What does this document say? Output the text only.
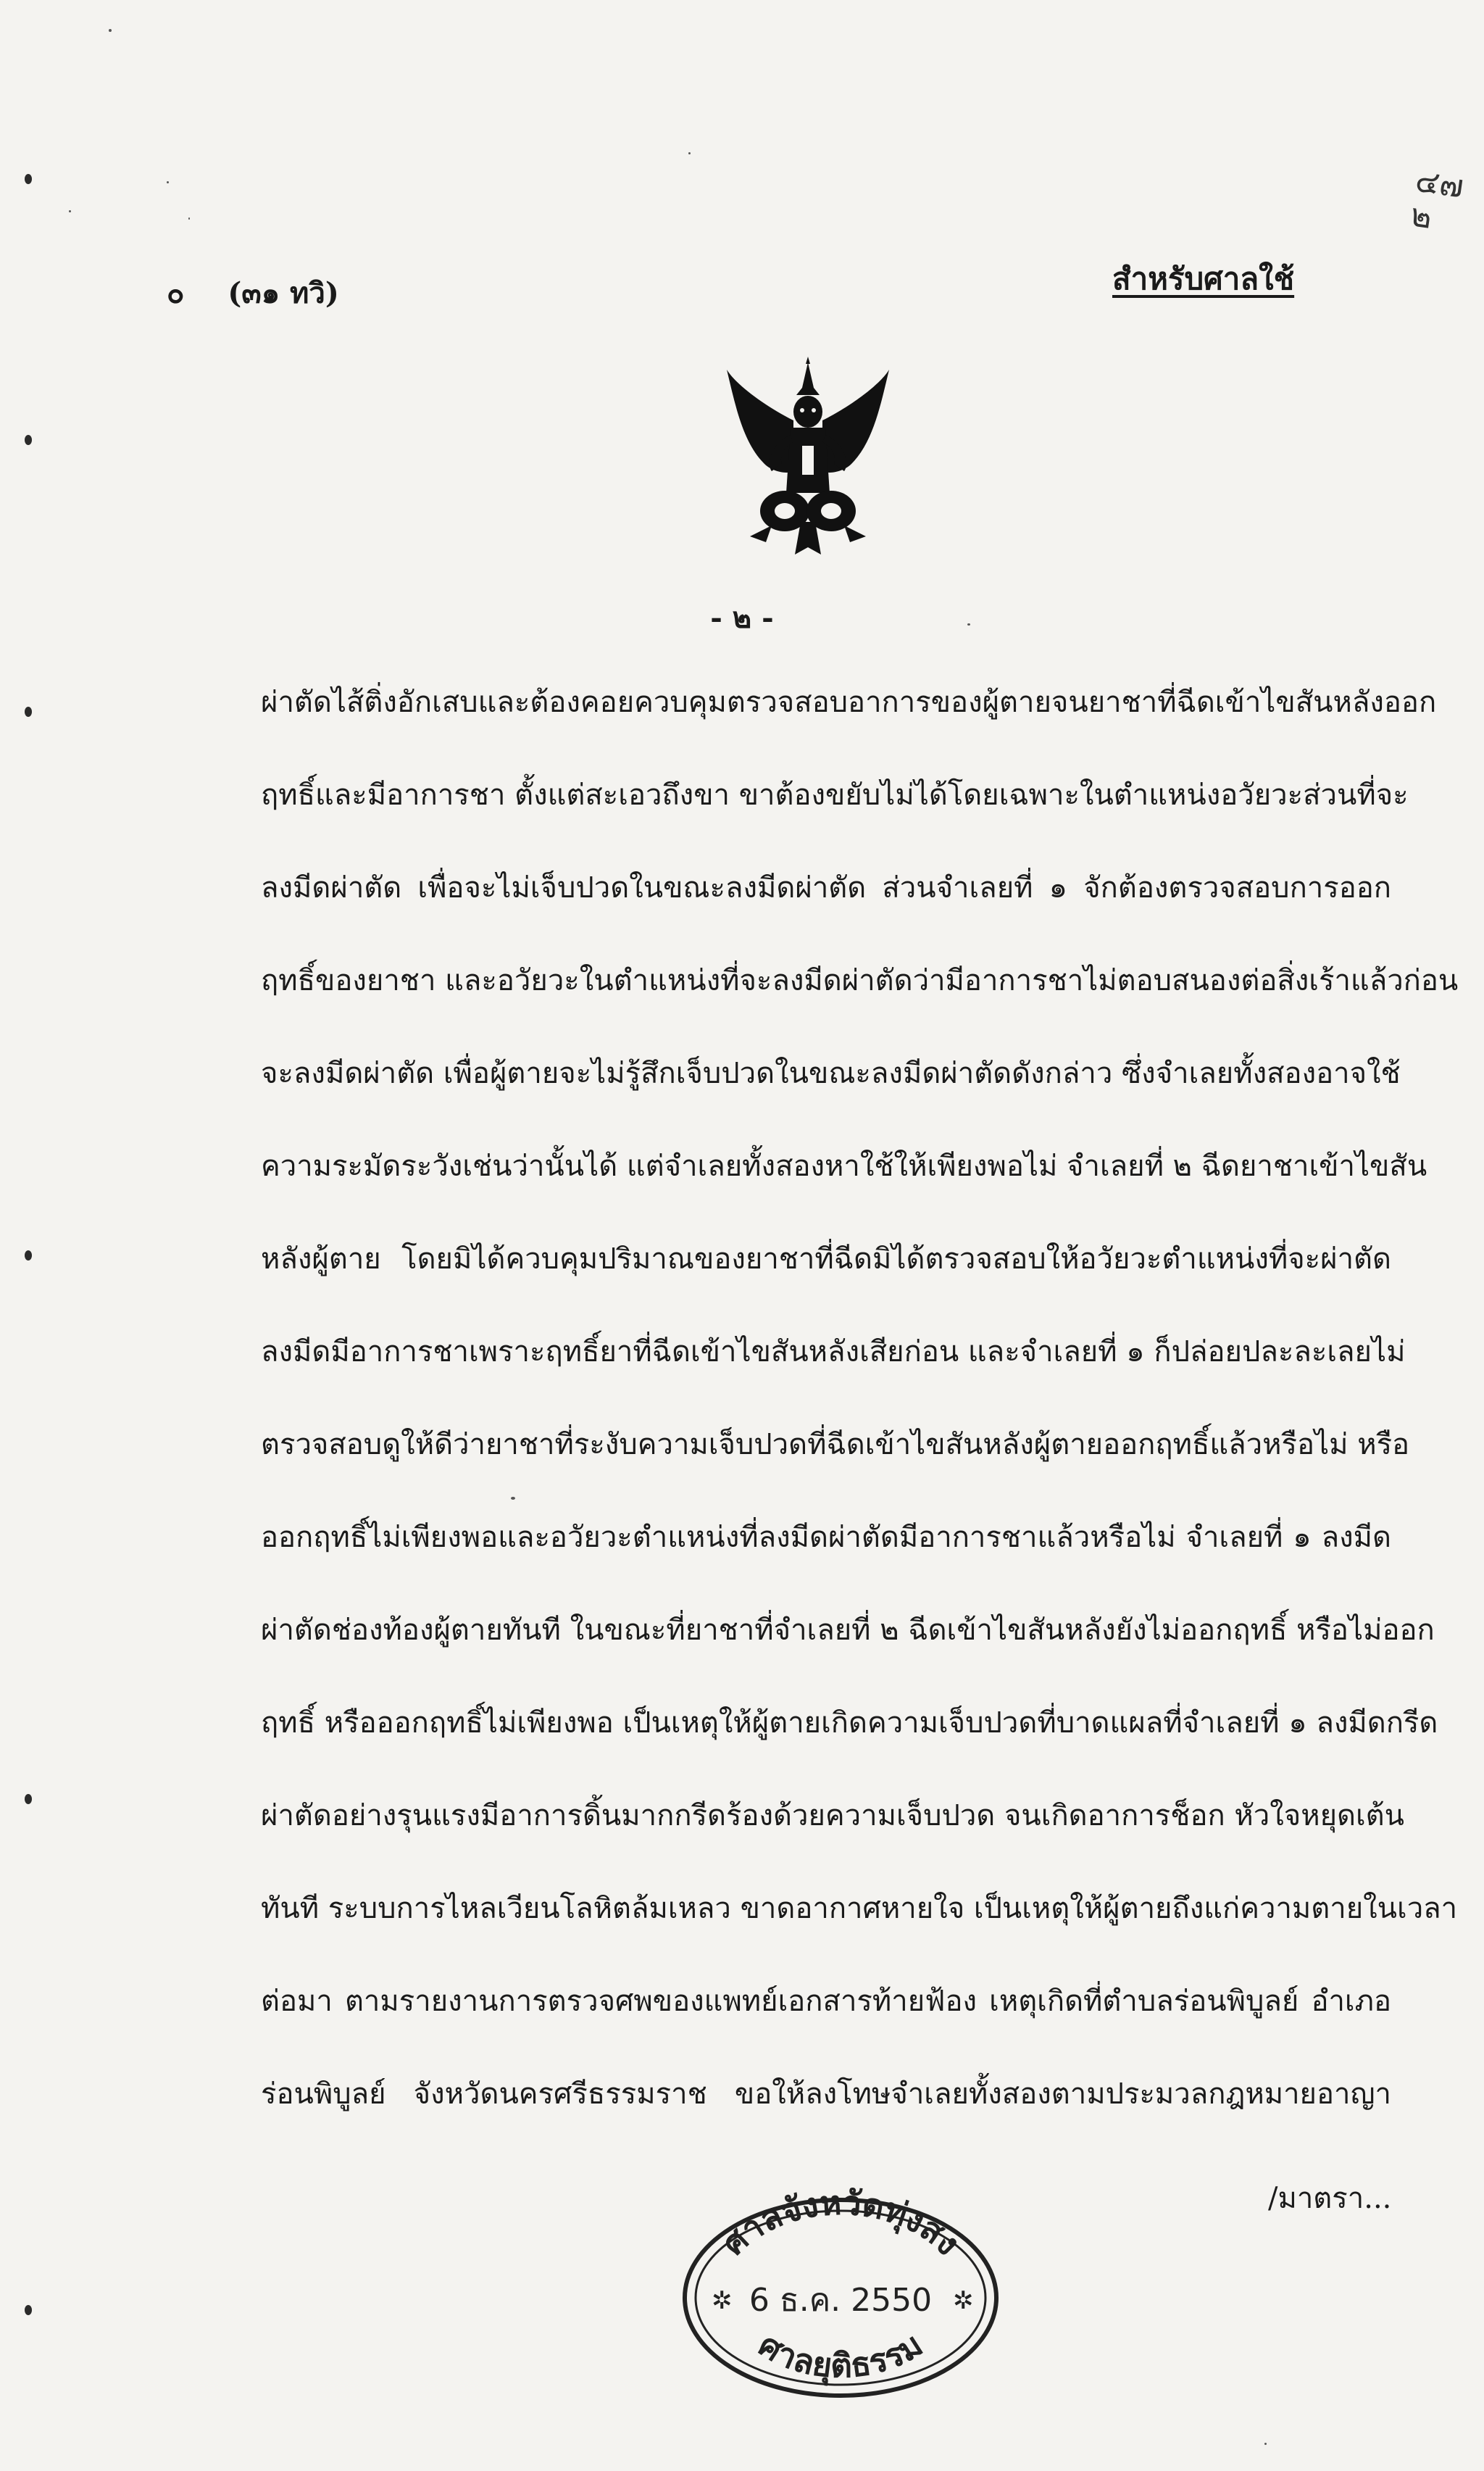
๐ (๓๑ ทวิ)	สำหรับศาลใช้
๔๗
๒
- ๒ -
ผ่าตัดไส้ติ่งอักเสบและต้องคอยควบคุมตรวจสอบอาการของผู้ตายจนยาชาที่ฉีดเข้าไขสันหลังออก
ฤทธิ์และมีอาการชา ตั้งแต่สะเอวถึงขา ขาต้องขยับไม่ได้โดยเฉพาะในตำแหน่งอวัยวะส่วนที่จะ
ลงมีดผ่าตัด เพื่อจะไม่เจ็บปวดในขณะลงมีดผ่าตัด ส่วนจำเลยที่ ๑ จักต้องตรวจสอบการออก
ฤทธิ์ของยาชา และอวัยวะในตำแหน่งที่จะลงมีดผ่าตัดว่ามีอาการชาไม่ตอบสนองต่อสิ่งเร้าแล้วก่อน
จะลงมีดผ่าตัด เพื่อผู้ตายจะไม่รู้สึกเจ็บปวดในขณะลงมีดผ่าตัดดังกล่าว ซึ่งจำเลยทั้งสองอาจใช้
ความระมัดระวังเช่นว่านั้นได้ แต่จำเลยทั้งสองหาใช้ให้เพียงพอไม่ จำเลยที่ ๒ ฉีดยาชาเข้าไขสัน
หลังผู้ตาย โดยมิได้ควบคุมปริมาณของยาชาที่ฉีดมิได้ตรวจสอบให้อวัยวะตำแหน่งที่จะผ่าตัด
ลงมีดมีอาการชาเพราะฤทธิ์ยาที่ฉีดเข้าไขสันหลังเสียก่อน และจำเลยที่ ๑ ก็ปล่อยปละละเลยไม่
ตรวจสอบดูให้ดีว่ายาชาที่ระงับความเจ็บปวดที่ฉีดเข้าไขสันหลังผู้ตายออกฤทธิ์แล้วหรือไม่ หรือ
ออกฤทธิ์ไม่เพียงพอและอวัยวะตำแหน่งที่ลงมีดผ่าตัดมีอาการชาแล้วหรือไม่ จำเลยที่ ๑ ลงมีด
ผ่าตัดช่องท้องผู้ตายทันที ในขณะที่ยาชาที่จำเลยที่ ๒ ฉีดเข้าไขสันหลังยังไม่ออกฤทธิ์ หรือไม่ออก
ฤทธิ์ หรือออกฤทธิ์ไม่เพียงพอ เป็นเหตุให้ผู้ตายเกิดความเจ็บปวดที่บาดแผลที่จำเลยที่ ๑ ลงมีดกรีด
ผ่าตัดอย่างรุนแรงมีอาการดิ้นมากกรีดร้องด้วยความเจ็บปวด จนเกิดอาการช็อก หัวใจหยุดเต้น
ทันที ระบบการไหลเวียนโลหิตล้มเหลว ขาดอากาศหายใจ เป็นเหตุให้ผู้ตายถึงแก่ความตายในเวลา
ต่อมา ตามรายงานการตรวจศพของแพทย์เอกสารท้ายฟ้อง เหตุเกิดที่ตำบลร่อนพิบูลย์ อำเภอ
ร่อนพิบูลย์ จังหวัดนครศรีธรรมราช ขอให้ลงโทษจำเลยทั้งสองตามประมวลกฎหมายอาญา
/มาตรา...
ศาลจังหวัดทุ่งสง
6 ธ.ค. 2550
ศาลยุติธรรม
✲	✲
